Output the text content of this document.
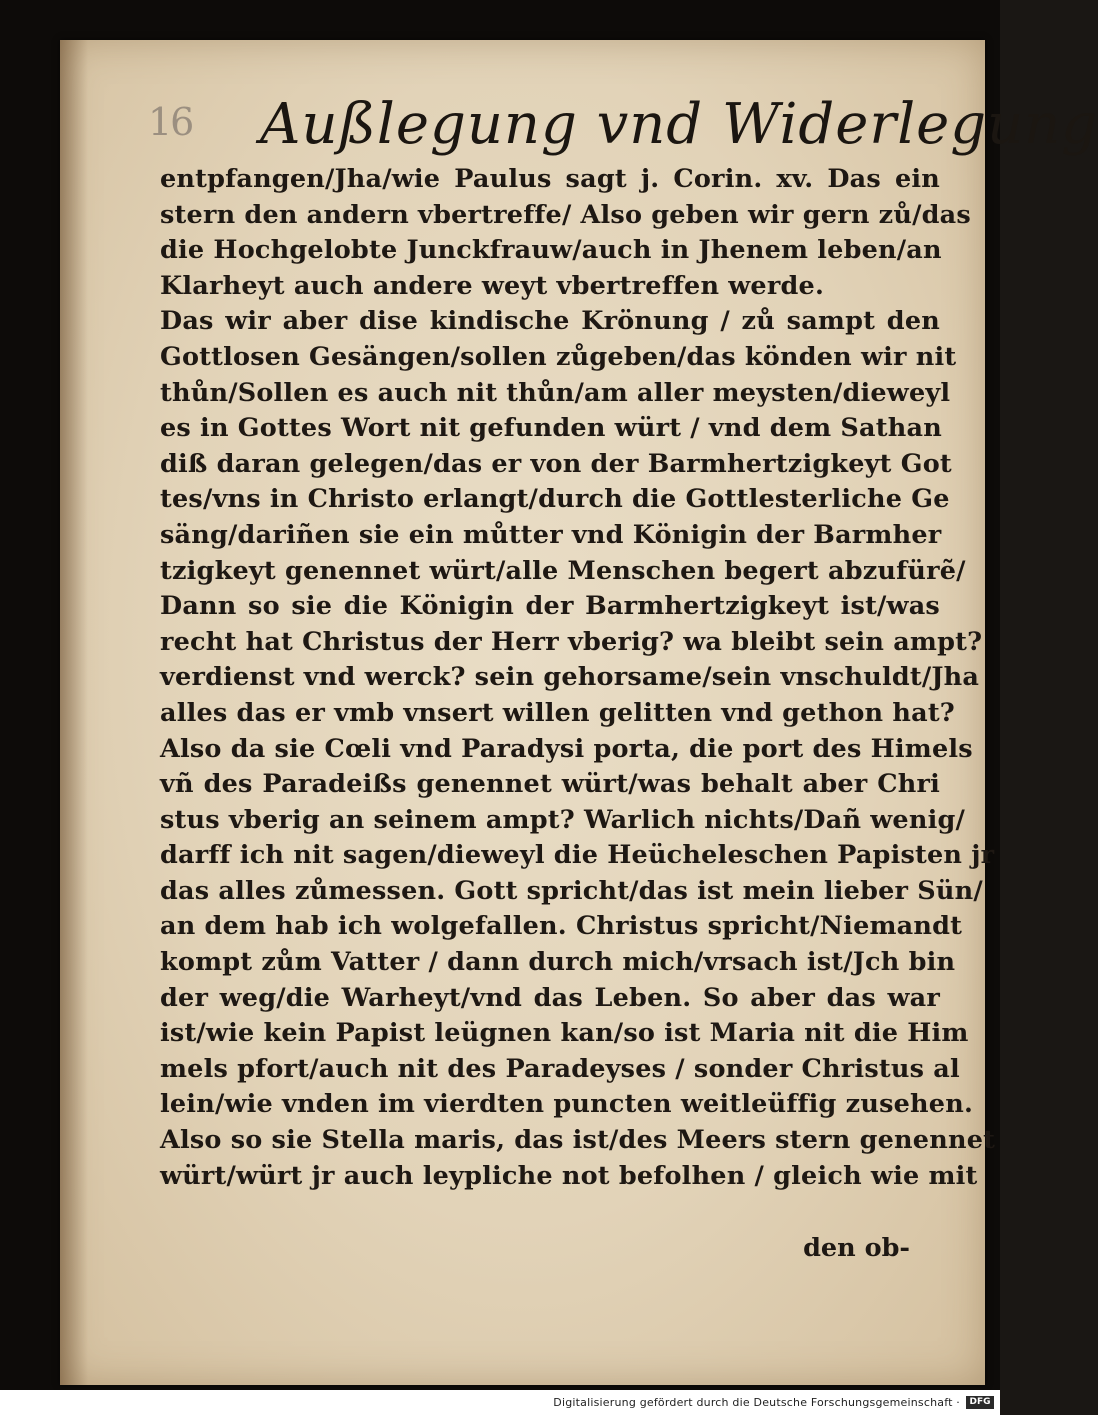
16 Außlegung vnd Widerlegung
entpfangen/Jha/wie Paulus sagt j. Corin. xv. Das ein
stern den andern vbertreffe/ Also geben wir gern zů/das
die Hochgelobte Junckfrauw/auch in Jhenem leben/an
Klarheyt auch andere weyt vbertreffen werde.
Das wir aber dise kindische Krönung / zů sampt den
Gottlosen Gesängen/sollen zůgeben/das könden wir nit
thůn/Sollen es auch nit thůn/am aller meysten/dieweyl
es in Gottes Wort nit gefunden würt / vnd dem Sathan
diß daran gelegen/das er von der Barmhertzigkeyt Got
tes/vns in Christo erlangt/durch die Gottlesterliche Ge
säng/dariñen sie ein můtter vnd Königin der Barmher
tzigkeyt genennet würt/alle Menschen begert abzufürẽ/
Dann so sie die Königin der Barmhertzigkeyt ist/was
recht hat Christus der Herr vberig? wa bleibt sein ampt?
verdienst vnd werck? sein gehorsame/sein vnschuldt/Jha
alles das er vmb vnsert willen gelitten vnd gethon hat?
Also da sie Cœli vnd Paradysi porta, die port des Himels
vñ des Paradeißs genennet würt/was behalt aber Chri
stus vberig an seinem ampt? Warlich nichts/Dañ wenig/
darff ich nit sagen/dieweyl die Heücheleschen Papisten jr
das alles zůmessen. Gott spricht/das ist mein lieber Sün/
an dem hab ich wolgefallen. Christus spricht/Niemandt
kompt zům Vatter / dann durch mich/vrsach ist/Jch bin
der weg/die Warheyt/vnd das Leben. So aber das war
ist/wie kein Papist leügnen kan/so ist Maria nit die Him
mels pfort/auch nit des Paradeyses / sonder Christus al
lein/wie vnden im vierdten puncten weitleüffig zusehen.
Also so sie Stella maris, das ist/des Meers stern genennet
würt/würt jr auch leypliche not befolhen / gleich wie mit
den ob-
Digitalisierung gefördert durch die Deutsche Forschungsgemeinschaft ·	DFG
